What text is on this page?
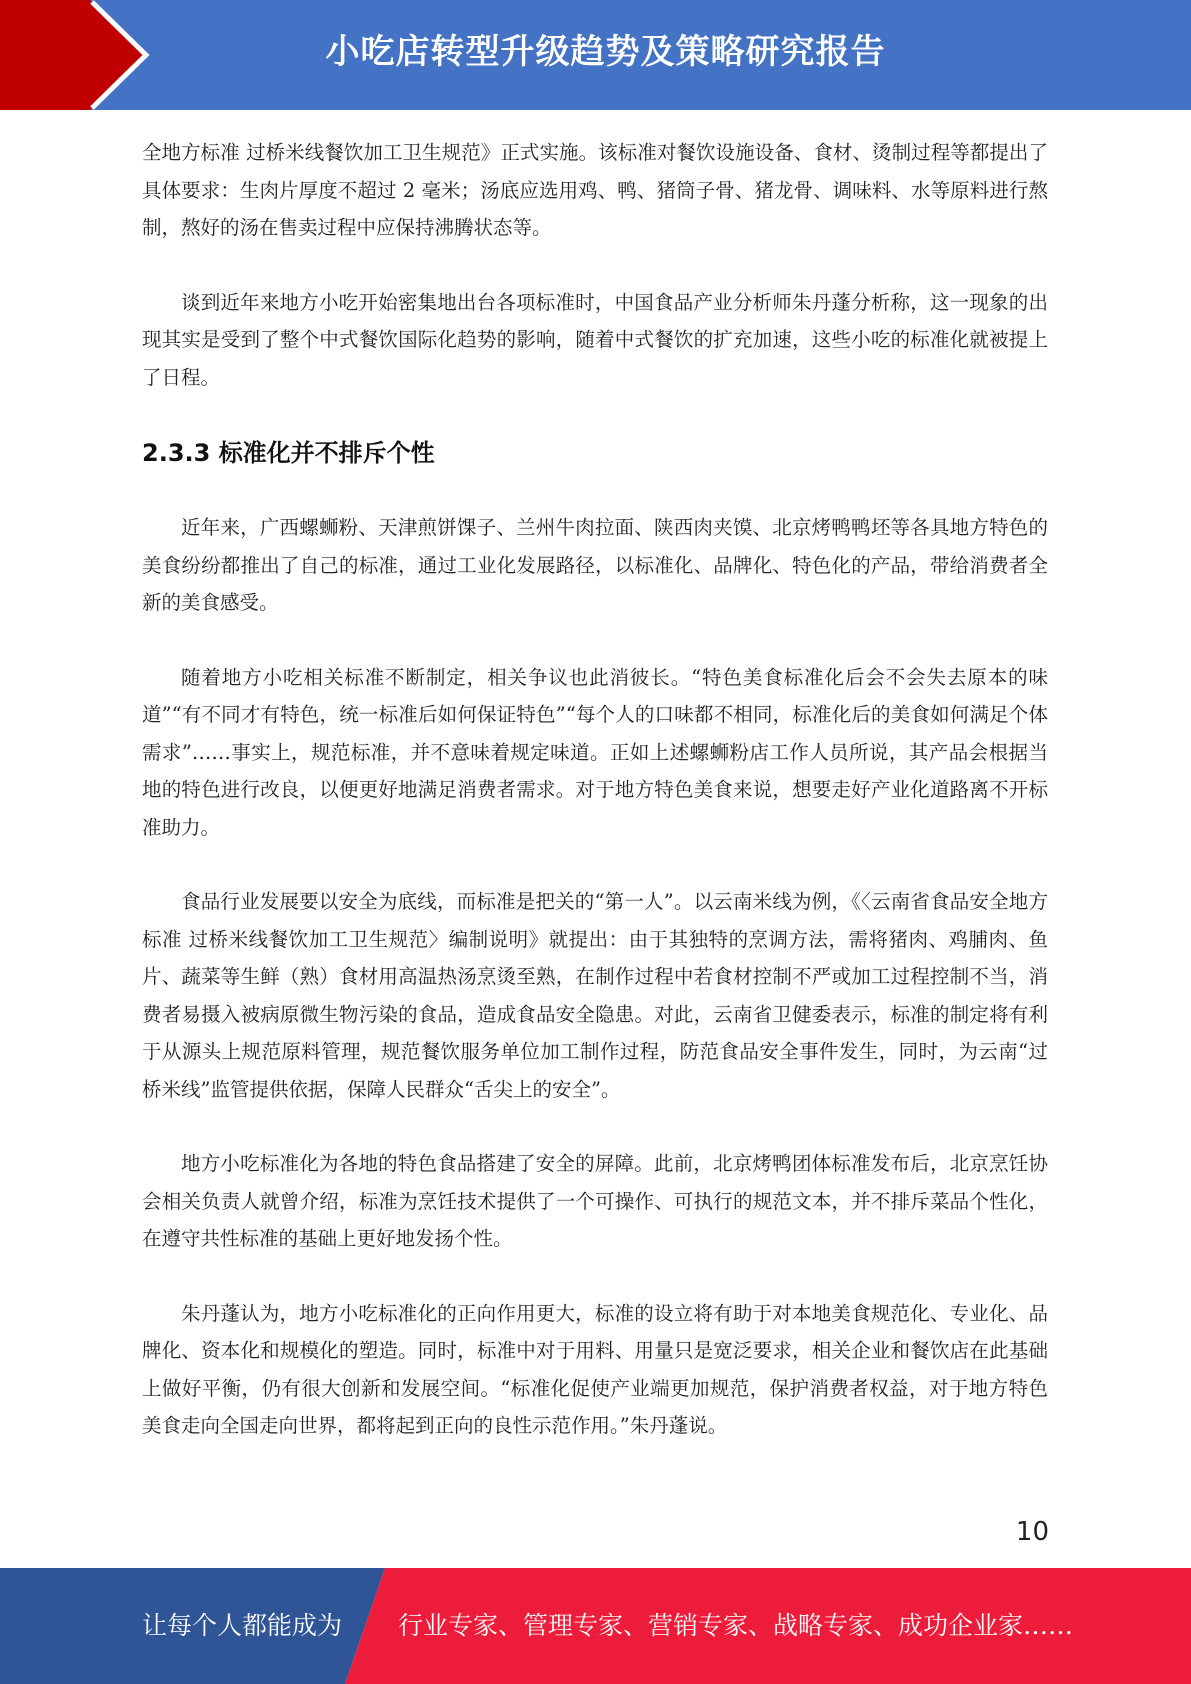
小吃店转型升级趋势及策略研究报告

全地方标准 过桥米线餐饮加工卫生规范》正式实施。该标准对餐饮设施设备、食材、烫制过程等都提出了具体要求：生肉片厚度不超过 2 毫米；汤底应选用鸡、鸭、猪筒子骨、猪龙骨、调味料、水等原料进行熬制，熬好的汤在售卖过程中应保持沸腾状态等。

谈到近年来地方小吃开始密集地出台各项标准时，中国食品产业分析师朱丹蓬分析称，这一现象的出现其实是受到了整个中式餐饮国际化趋势的影响，随着中式餐饮的扩充加速，这些小吃的标准化就被提上了日程。

2.3.3 标准化并不排斥个性

近年来，广西螺蛳粉、天津煎饼馃子、兰州牛肉拉面、陕西肉夹馍、北京烤鸭鸭坯等各具地方特色的美食纷纷都推出了自己的标准，通过工业化发展路径，以标准化、品牌化、特色化的产品，带给消费者全新的美食感受。

随着地方小吃相关标准不断制定，相关争议也此消彼长。“特色美食标准化后会不会失去原本的味道”“有不同才有特色，统一标准后如何保证特色”“每个人的口味都不相同，标准化后的美食如何满足个体需求”……事实上，规范标准，并不意味着规定味道。正如上述螺蛳粉店工作人员所说，其产品会根据当地的特色进行改良，以便更好地满足消费者需求。对于地方特色美食来说，想要走好产业化道路离不开标准助力。

食品行业发展要以安全为底线，而标准是把关的“第一人”。以云南米线为例，《〈云南省食品安全地方标准 过桥米线餐饮加工卫生规范〉编制说明》就提出：由于其独特的烹调方法，需将猪肉、鸡脯肉、鱼片、蔬菜等生鲜（熟）食材用高温热汤烹烫至熟，在制作过程中若食材控制不严或加工过程控制不当，消费者易摄入被病原微生物污染的食品，造成食品安全隐患。对此，云南省卫健委表示，标准的制定将有利于从源头上规范原料管理，规范餐饮服务单位加工制作过程，防范食品安全事件发生，同时，为云南“过桥米线”监管提供依据，保障人民群众“舌尖上的安全”。

地方小吃标准化为各地的特色食品搭建了安全的屏障。此前，北京烤鸭团体标准发布后，北京烹饪协会相关负责人就曾介绍，标准为烹饪技术提供了一个可操作、可执行的规范文本，并不排斥菜品个性化，在遵守共性标准的基础上更好地发扬个性。

朱丹蓬认为，地方小吃标准化的正向作用更大，标准的设立将有助于对本地美食规范化、专业化、品牌化、资本化和规模化的塑造。同时，标准中对于用料、用量只是宽泛要求，相关企业和餐饮店在此基础上做好平衡，仍有很大创新和发展空间。“标准化促使产业端更加规范，保护消费者权益，对于地方特色美食走向全国走向世界，都将起到正向的良性示范作用。”朱丹蓬说。

10
让每个人都能成为 行业专家、管理专家、营销专家、战略专家、成功企业家……
